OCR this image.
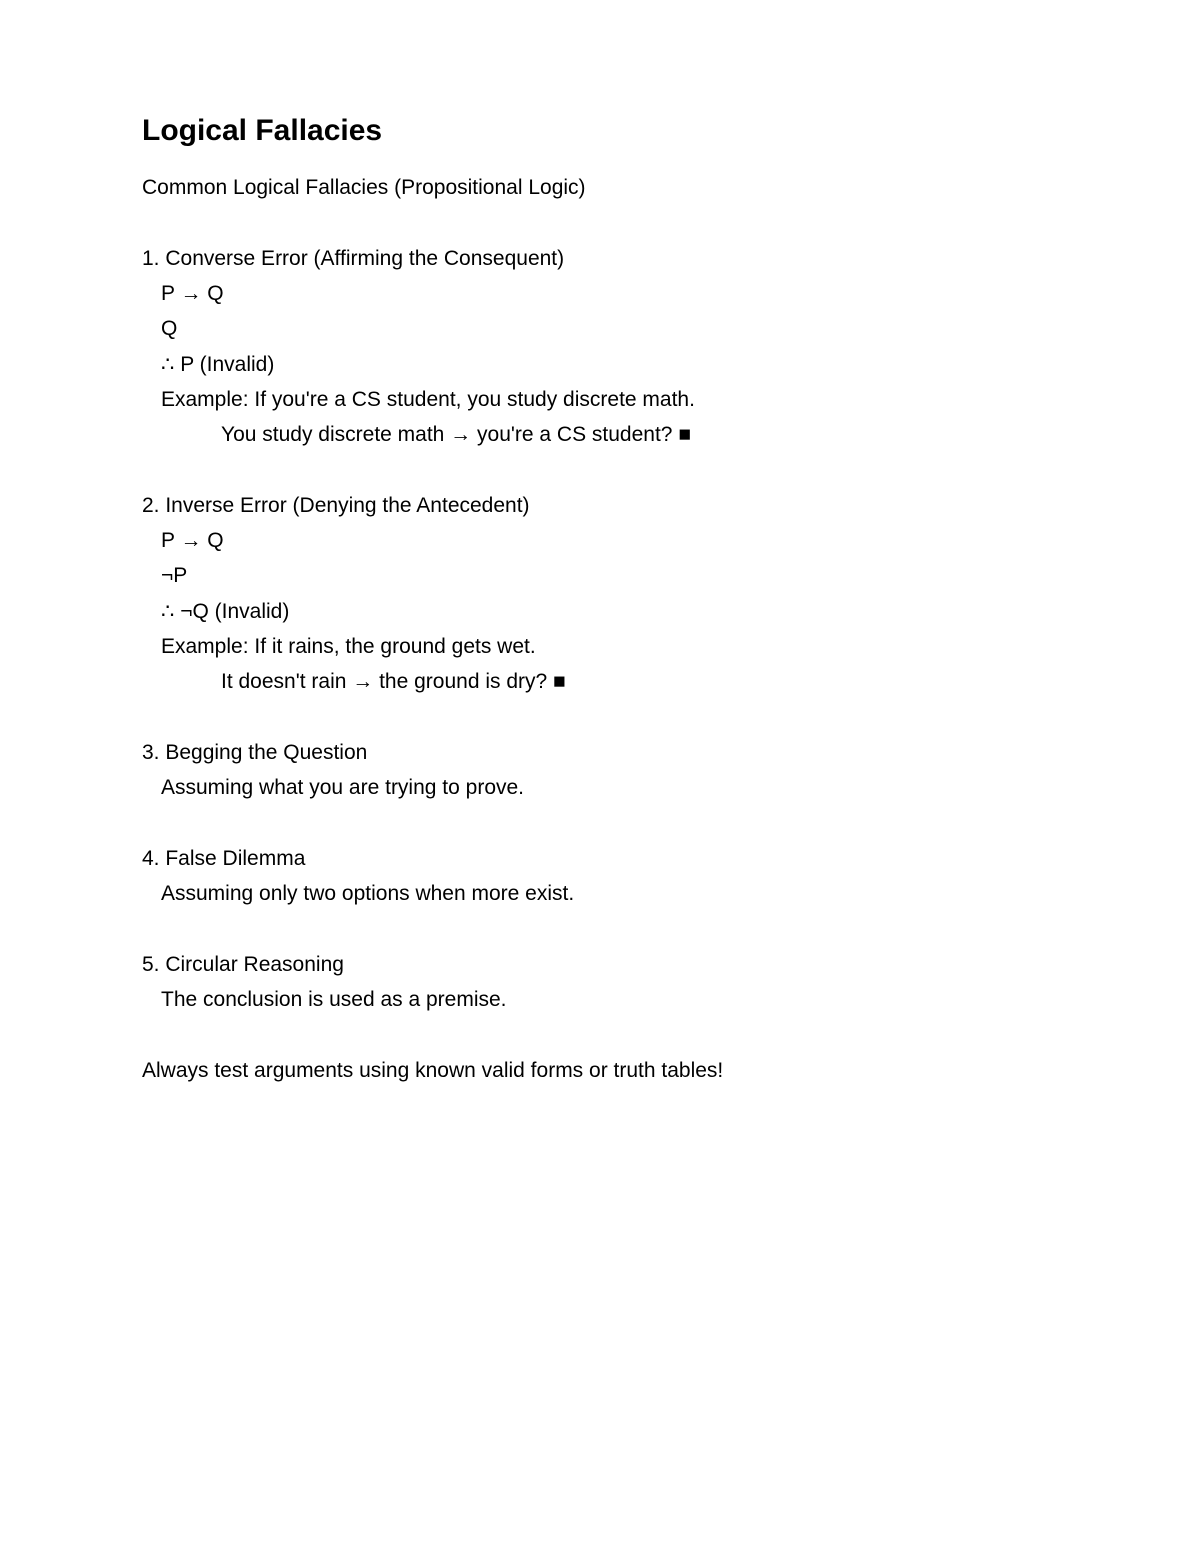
Logical Fallacies

Common Logical Fallacies (Propositional Logic)

1. Converse Error (Affirming the Consequent)

P → Q

Q

∴ P (Invalid)

Example: If you're a CS student, you study discrete math.

You study discrete math → you're a CS student? ■

2. Inverse Error (Denying the Antecedent)

P → Q

¬P

∴ ¬Q (Invalid)

Example: If it rains, the ground gets wet.

It doesn't rain → the ground is dry? ■

3. Begging the Question

Assuming what you are trying to prove.

4. False Dilemma

Assuming only two options when more exist.

5. Circular Reasoning

The conclusion is used as a premise.

Always test arguments using known valid forms or truth tables!
